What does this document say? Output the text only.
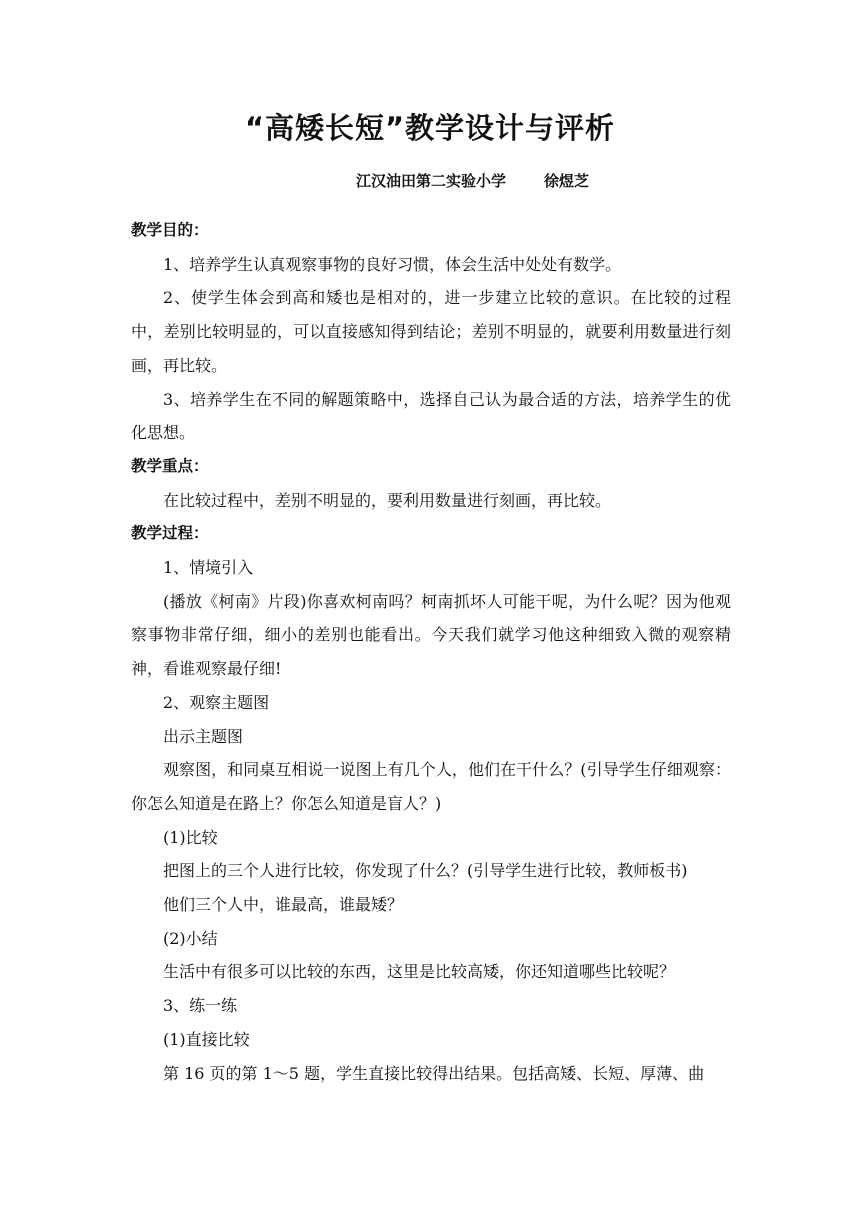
“高矮长短”教学设计与评析
江汉油田第二实验小学	徐煜芝

教学目的：

1、培养学生认真观察事物的良好习惯，体会生活中处处有数学。

2、使学生体会到高和矮也是相对的，进一步建立比较的意识。在比较的过程中，差别比较明显的，可以直接感知得到结论；差别不明显的，就要利用数量进行刻画，再比较。

3、培养学生在不同的解题策略中，选择自己认为最合适的方法，培养学生的优化思想。

教学重点：

在比较过程中，差别不明显的，要利用数量进行刻画，再比较。

教学过程：

1、情境引入

(播放《柯南》片段)你喜欢柯南吗？柯南抓坏人可能干呢，为什么呢？因为他观察事物非常仔细，细小的差别也能看出。今天我们就学习他这种细致入微的观察精神，看谁观察最仔细!

2、观察主题图

出示主题图

观察图，和同桌互相说一说图上有几个人，他们在干什么？(引导学生仔细观察：你怎么知道是在路上？你怎么知道是盲人？)

(1)比较

把图上的三个人进行比较，你发现了什么？(引导学生进行比较，教师板书)

他们三个人中，谁最高，谁最矮？

(2)小结

生活中有很多可以比较的东西，这里是比较高矮，你还知道哪些比较呢？

3、练一练

(1)直接比较

第 16 页的第 1～5 题，学生直接比较得出结果。包括高矮、长短、厚薄、曲
